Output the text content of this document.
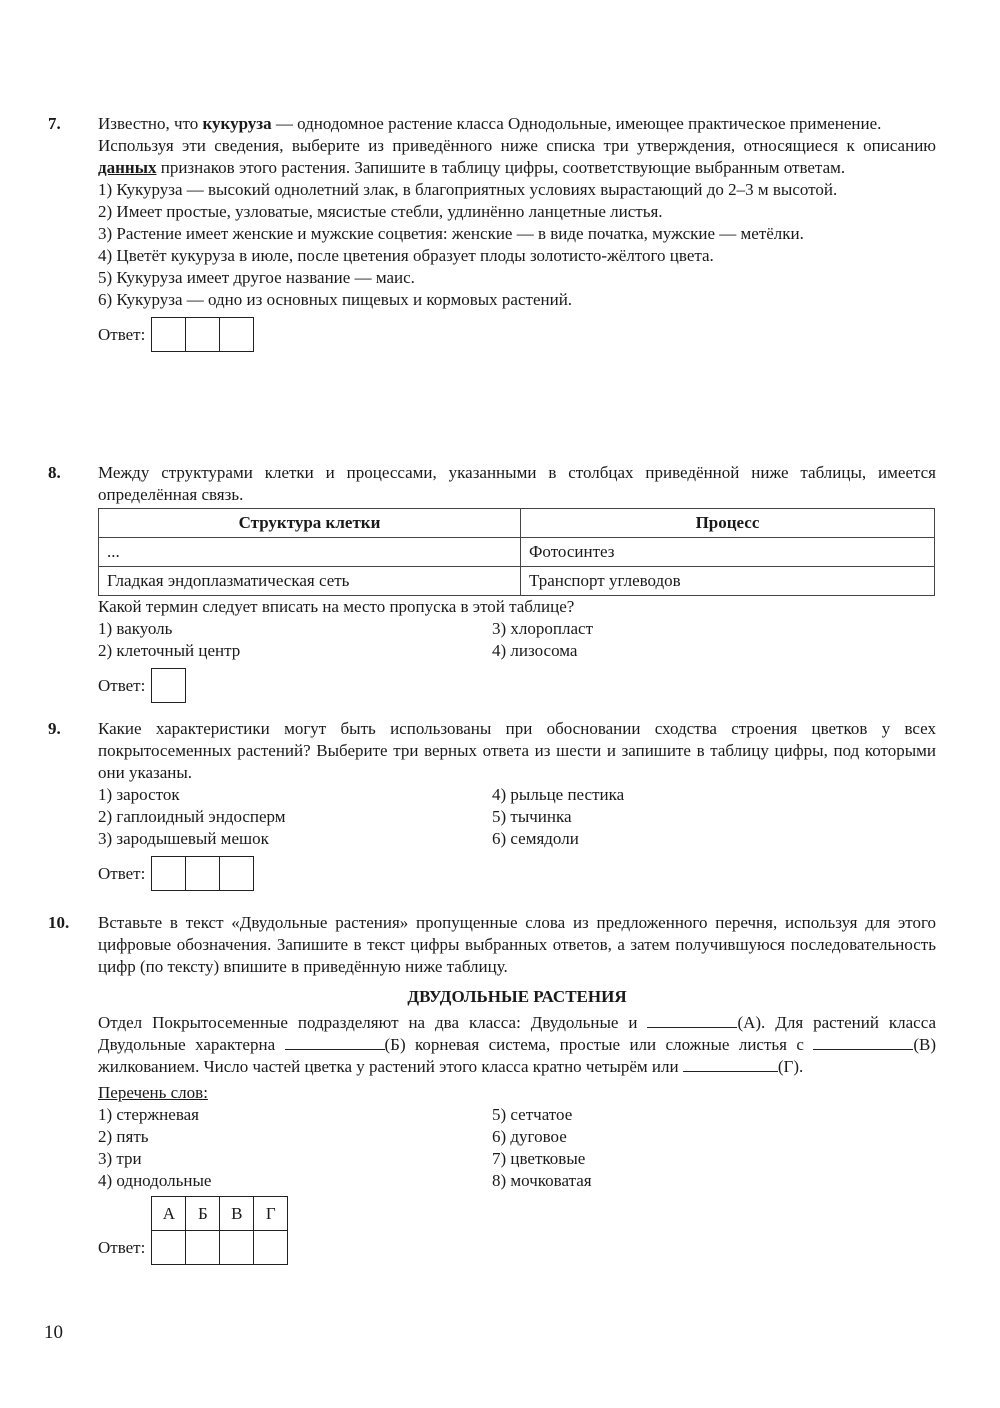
7.	Известно, что кукуруза — однодомное растение класса Однодольные, имеющее практическое применение.

Используя эти сведения, выберите из приведённого ниже списка три утверждения, относящиеся к описанию данных признаков этого растения. Запишите в таблицу цифры, соответствующие выбранным ответам.

1) Кукуруза — высокий однолетний злак, в благоприятных условиях вырастающий до 2–3 м высотой.
2) Имеет простые, узловатые, мясистые стебли, удлинённо ланцетные листья.
3) Растение имеет женские и мужские соцветия: женские — в виде початка, мужские — метёлки.
4) Цветёт кукуруза в июле, после цветения образует плоды золотисто-жёлтого цвета.
5) Кукуруза имеет другое название — маис.
6) Кукуруза — одно из основных пищевых и кормовых растений.
Ответ:
8.	Между структурами клетки и процессами, указанными в столбцах приведённой ниже таблицы, имеется определённая связь.

Структура клетки	Процесс
...	Фотосинтез
Гладкая эндоплазматическая сеть	Транспорт углеводов

Какой термин следует вписать на место пропуска в этой таблице?

1) вакуоль	3) хлоропласт
2) клеточный центр	4) лизосома
Ответ:
9.	Какие характеристики могут быть использованы при обосновании сходства строения цветков у всех покрытосеменных растений? Выберите три верных ответа из шести и запишите в таблицу цифры, под которыми они указаны.

1) заросток	4) рыльце пестика
2) гаплоидный эндосперм	5) тычинка
3) зародышевый мешок	6) семядоли
Ответ:
10.	Вставьте в текст «Двудольные растения» пропущенные слова из предложенного перечня, используя для этого цифровые обозначения. Запишите в текст цифры выбранных ответов, а затем получившуюся последовательность цифр (по тексту) впишите в приведённую ниже таблицу.

ДВУДОЛЬНЫЕ РАСТЕНИЯ

Отдел Покрытосеменные подразделяют на два класса: Двудольные и	(А). Для растений класса Двудольные характерна	(Б) корневая система, простые или сложные листья с	(В) жилкованием. Число частей цветка у растений этого класса кратно четырём или	(Г).

Перечень слов:
1) стержневая	5) сетчатое
2) пять	6) дуговое
3) три	7) цветковые
4) однодольные	8) мочковатая
Ответ:
А	Б	В	Г

10
